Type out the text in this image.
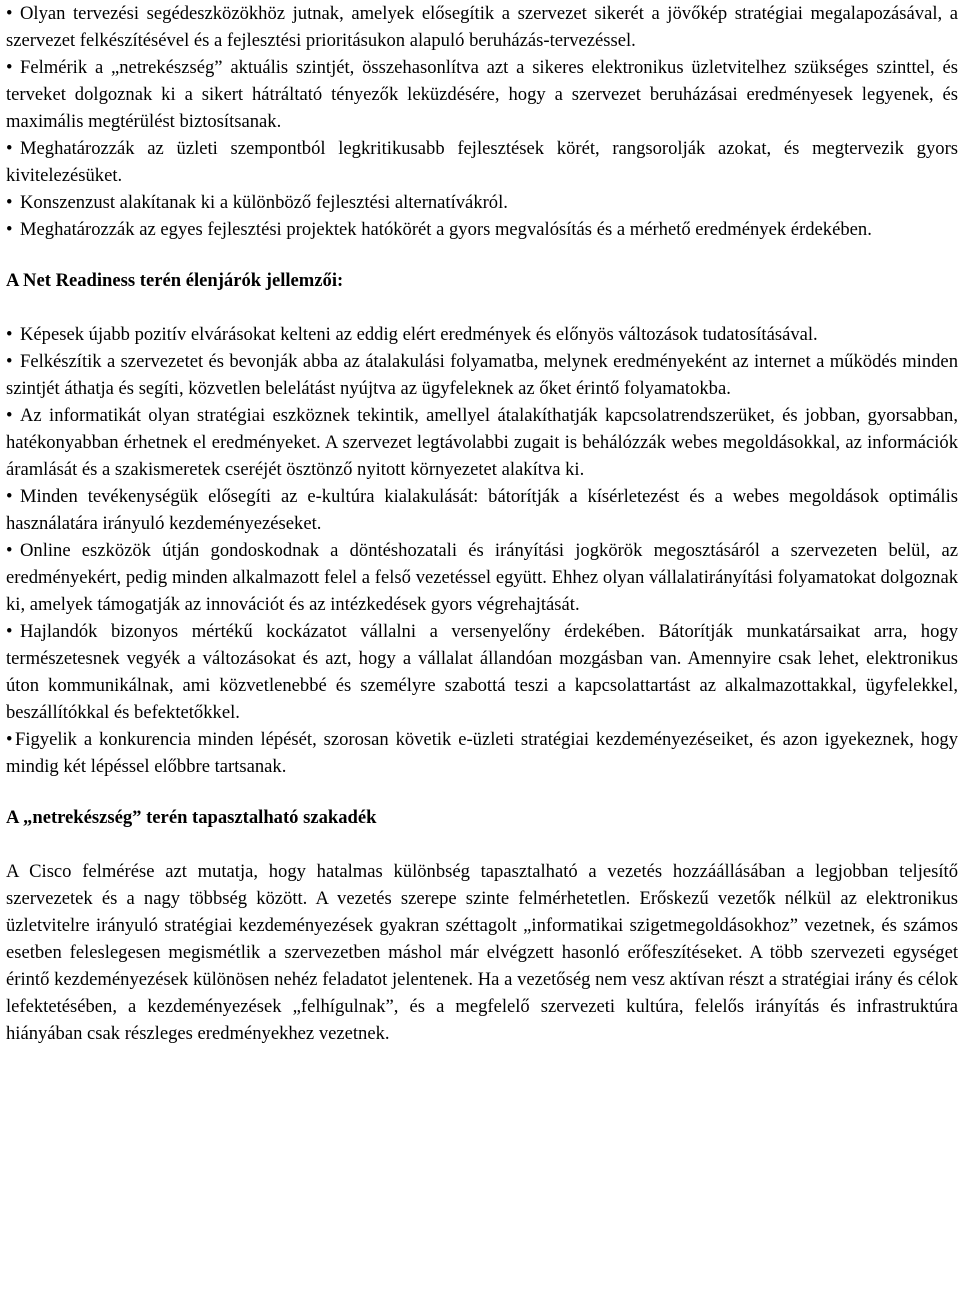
• Olyan tervezési segédeszközökhöz jutnak, amelyek elősegítik a szervezet sikerét a jövőkép stratégiai megalapozásával, a szervezet felkészítésével és a fejlesztési prioritásukon alapuló beruházás-tervezéssel.

• Felmérik a „netrekészség” aktuális szintjét, összehasonlítva azt a sikeres elektronikus üzletvitelhez szükséges szinttel, és terveket dolgoznak ki a sikert hátráltató tényezők leküzdésére, hogy a szervezet beruházásai eredményesek legyenek, és maximális megtérülést biztosítsanak.

• Meghatározzák az üzleti szempontból legkritikusabb fejlesztések körét, rangsorolják azokat, és megtervezik gyors kivitelezésüket.

• Konszenzust alakítanak ki a különböző fejlesztési alternatívákról.

• Meghatározzák az egyes fejlesztési projektek hatókörét a gyors megvalósítás és a mérhető eredmények érdekében.

A Net Readiness terén élenjárók jellemzői:

• Képesek újabb pozitív elvárásokat kelteni az eddig elért eredmények és előnyös változások tudatosításával.

• Felkészítik a szervezetet és bevonják abba az átalakulási folyamatba, melynek eredményeként az internet a működés minden szintjét áthatja és segíti, közvetlen belelátást nyújtva az ügyfeleknek az őket érintő folyamatokba.

• Az informatikát olyan stratégiai eszköznek tekintik, amellyel átalakíthatják kapcsolatrendszerüket, és jobban, gyorsabban, hatékonyabban érhetnek el eredményeket. A szervezet legtávolabbi zugait is behálózzák webes megoldásokkal, az információk áramlását és a szakismeretek cseréjét ösztönző nyitott környezetet alakítva ki.

• Minden tevékenységük elősegíti az e-kultúra kialakulását: bátorítják a kísérletezést és a webes megoldások optimális használatára irányuló kezdeményezéseket.

• Online eszközök útján gondoskodnak a döntéshozatali és irányítási jogkörök megosztásáról a szervezeten belül, az eredményekért, pedig minden alkalmazott felel a felső vezetéssel együtt. Ehhez olyan vállalatirányítási folyamatokat dolgoznak ki, amelyek támogatják az innovációt és az intézkedések gyors végrehajtását.

• Hajlandók bizonyos mértékű kockázatot vállalni a versenyelőny érdekében. Bátorítják munkatársaikat arra, hogy természetesnek vegyék a változásokat és azt, hogy a vállalat állandóan mozgásban van. Amennyire csak lehet, elektronikus úton kommunikálnak, ami közvetlenebbé és személyre szabottá teszi a kapcsolattartást az alkalmazottakkal, ügyfelekkel, beszállítókkal és befektetőkkel.

• Figyelik a konkurencia minden lépését, szorosan követik e-üzleti stratégiai kezdeményezéseiket, és azon igyekeznek, hogy mindig két lépéssel előbbre tartsanak.

A „netrekészség” terén tapasztalható szakadék

A Cisco felmérése azt mutatja, hogy hatalmas különbség tapasztalható a vezetés hozzáállásában a legjobban teljesítő szervezetek és a nagy többség között. A vezetés szerepe szinte felmérhetetlen. Erőskezű vezetők nélkül az elektronikus üzletvitelre irányuló stratégiai kezdeményezések gyakran széttagolt „informatikai szigetmegoldásokhoz” vezetnek, és számos esetben feleslegesen megismétlik a szervezetben máshol már elvégzett hasonló erőfeszítéseket. A több szervezeti egységet érintő kezdeményezések különösen nehéz feladatot jelentenek. Ha a vezetőség nem vesz aktívan részt a stratégiai irány és célok lefektetésében, a kezdeményezések „felhígulnak”, és a megfelelő szervezeti kultúra, felelős irányítás és infrastruktúra hiányában csak részleges eredményekhez vezetnek.
